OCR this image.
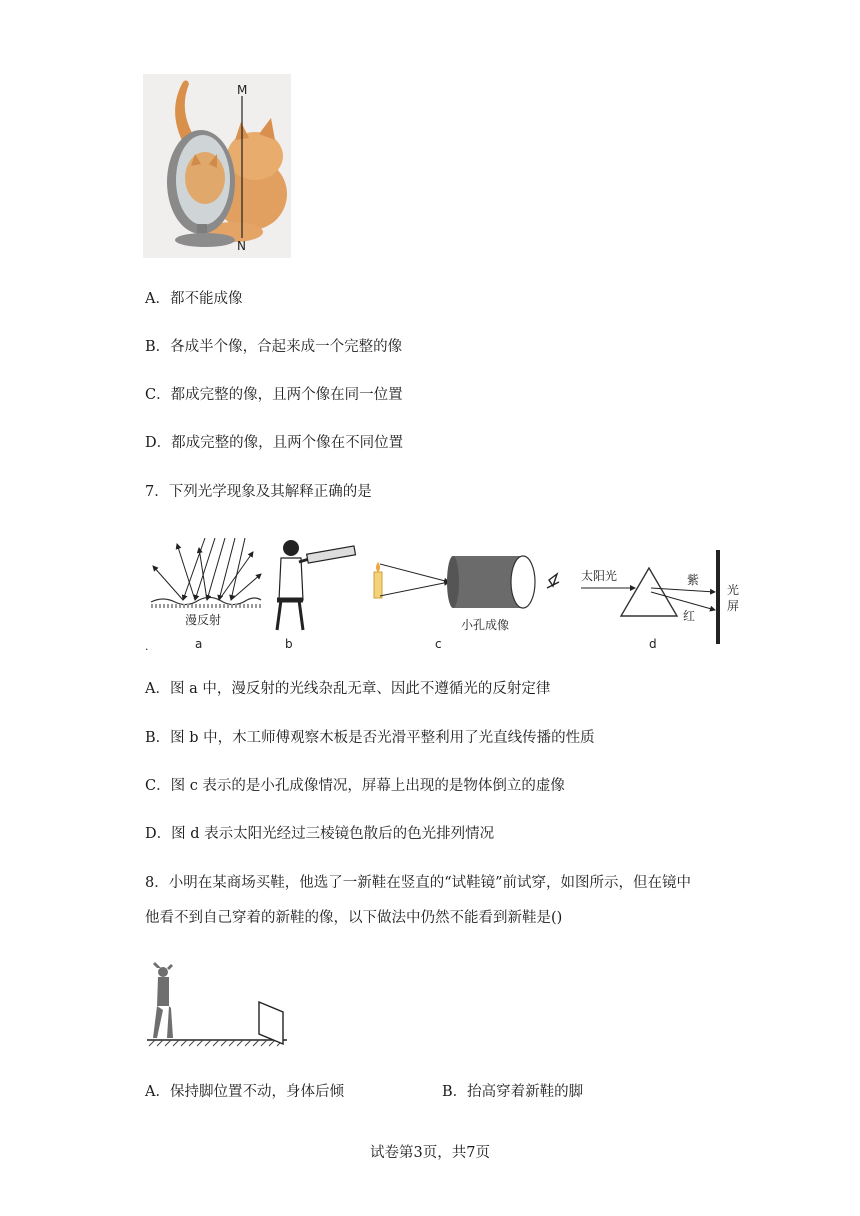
M
N
A．都不能成像
B．各成半个像，合起来成一个完整的像
C．都成完整的像，且两个像在同一位置
D．都成完整的像，且两个像在不同位置
7．下列光学现象及其解释正确的是
漫反射
.	a	b
小孔成像
c
太阳光	紫
红
光
屏
d
A．图 a 中，漫反射的光线杂乱无章、因此不遵循光的反射定律
B．图 b 中，木工师傅观察木板是否光滑平整利用了光直线传播的性质
C．图 c 表示的是小孔成像情况，屏幕上出现的是物体倒立的虚像
D．图 d 表示太阳光经过三棱镜色散后的色光排列情况
8．小明在某商场买鞋，他选了一新鞋在竖直的“试鞋镜”前试穿，如图所示，但在镜中
他看不到自己穿着的新鞋的像，以下做法中仍然不能看到新鞋是()
A．保持脚位置不动，身体后倾	B．抬高穿着新鞋的脚
试卷第3页，共7页
